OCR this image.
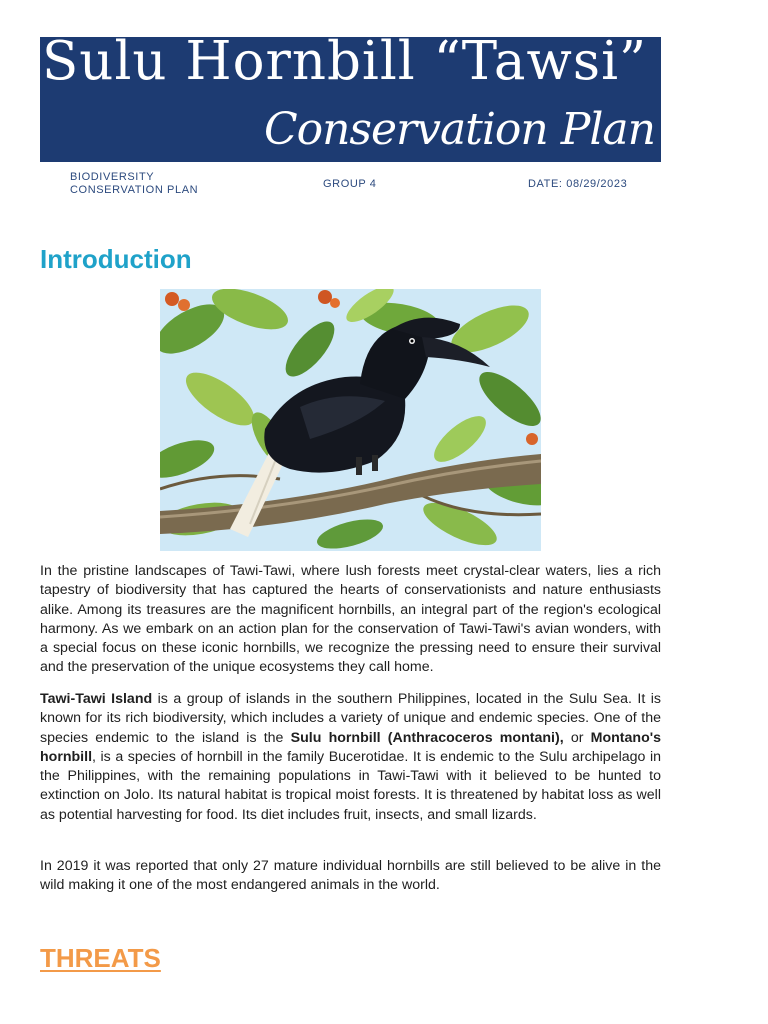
Sulu Hornbill “Tawsi”
Conservation Plan
BIODIVERSITY CONSERVATION PLAN	GROUP 4	DATE: 08/29/2023
Introduction

In the pristine landscapes of Tawi-Tawi, where lush forests meet crystal-clear waters, lies a rich tapestry of biodiversity that has captured the hearts of conservationists and nature enthusiasts alike. Among its treasures are the magnificent hornbills, an integral part of the region's ecological harmony. As we embark on an action plan for the conservation of Tawi-Tawi's avian wonders, with a special focus on these iconic hornbills, we recognize the pressing need to ensure their survival and the preservation of the unique ecosystems they call home.

Tawi-Tawi Island is a group of islands in the southern Philippines, located in the Sulu Sea. It is known for its rich biodiversity, which includes a variety of unique and endemic species. One of the species endemic to the island is the Sulu hornbill (Anthracoceros montani), or Montano's hornbill, is a species of hornbill in the family Bucerotidae. It is endemic to the Sulu archipelago in the Philippines, with the remaining populations in Tawi-Tawi with it believed to be hunted to extinction on Jolo. Its natural habitat is tropical moist forests. It is threatened by habitat loss as well as potential harvesting for food. Its diet includes fruit, insects, and small lizards.

In 2019 it was reported that only 27 mature individual hornbills are still believed to be alive in the wild making it one of the most endangered animals in the world.

THREATS
